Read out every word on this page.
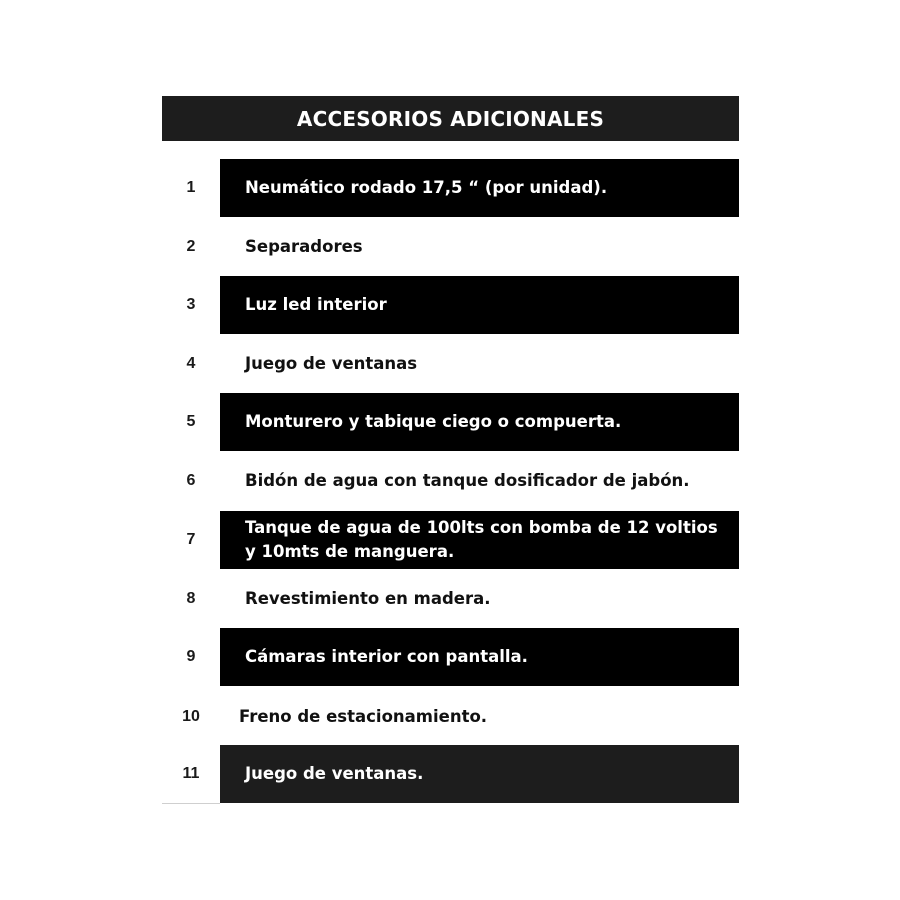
ACCESORIOS ADICIONALES
1	Neumático rodado 17,5 “ (por unidad).
2	Separadores
3	Luz led interior
4	Juego de ventanas
5	Monturero y tabique ciego o compuerta.
6	Bidón de agua con tanque dosificador de jabón.
7
Tanque de agua de 100lts con bomba de 12 voltios y 10mts de manguera.
8	Revestimiento en madera.
9	Cámaras interior con pantalla.
10	Freno de estacionamiento.
11	Juego de ventanas.
